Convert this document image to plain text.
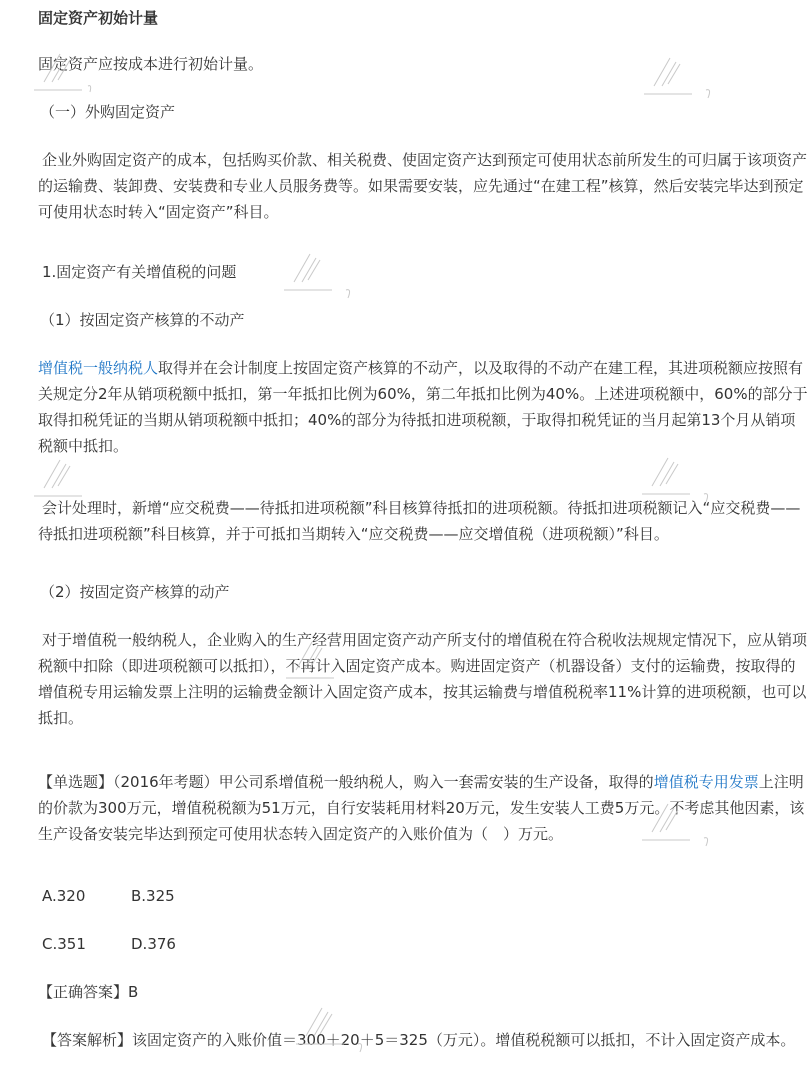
固定资产初始计量
固定资产应按成本进行初始计量。
（一）外购固定资产
企业外购固定资产的成本，包括购买价款、相关税费、使固定资产达到预定可使用状态前所发生的可归属于该项资产的运输费、装卸费、安装费和专业人员服务费等。如果需要安装，应先通过“在建工程”核算，然后安装完毕达到预定可使用状态时转入“固定资产”科目。
1.固定资产有关增值税的问题
（1）按固定资产核算的不动产
增值税一般纳税人取得并在会计制度上按固定资产核算的不动产，以及取得的不动产在建工程，其进项税额应按照有关规定分2年从销项税额中抵扣，第一年抵扣比例为60%，第二年抵扣比例为40%。上述进项税额中，60%的部分于取得扣税凭证的当期从销项税额中抵扣；40%的部分为待抵扣进项税额，于取得扣税凭证的当月起第13个月从销项税额中抵扣。
会计处理时，新增“应交税费——待抵扣进项税额”科目核算待抵扣的进项税额。待抵扣进项税额记入“应交税费——待抵扣进项税额”科目核算，并于可抵扣当期转入“应交税费——应交增值税（进项税额）”科目。
（2）按固定资产核算的动产
对于增值税一般纳税人，企业购入的生产经营用固定资产动产所支付的增值税在符合税收法规规定情况下，应从销项税额中扣除（即进项税额可以抵扣），不再计入固定资产成本。购进固定资产（机器设备）支付的运输费，按取得的增值税专用运输发票上注明的运输费金额计入固定资产成本，按其运输费与增值税税率11%计算的进项税额，也可以抵扣。
【单选题】（2016年考题）甲公司系增值税一般纳税人，购入一套需安装的生产设备，取得的增值税专用发票上注明的价款为300万元，增值税税额为51万元，自行安装耗用材料20万元，发生安装人工费5万元。不考虑其他因素，该生产设备安装完毕达到预定可使用状态转入固定资产的入账价值为（　）万元。
A.320	B.325
C.351	D.376
【正确答案】B
【答案解析】该固定资产的入账价值＝300＋20＋5＝325（万元）。增值税税额可以抵扣，不计入固定资产成本。
